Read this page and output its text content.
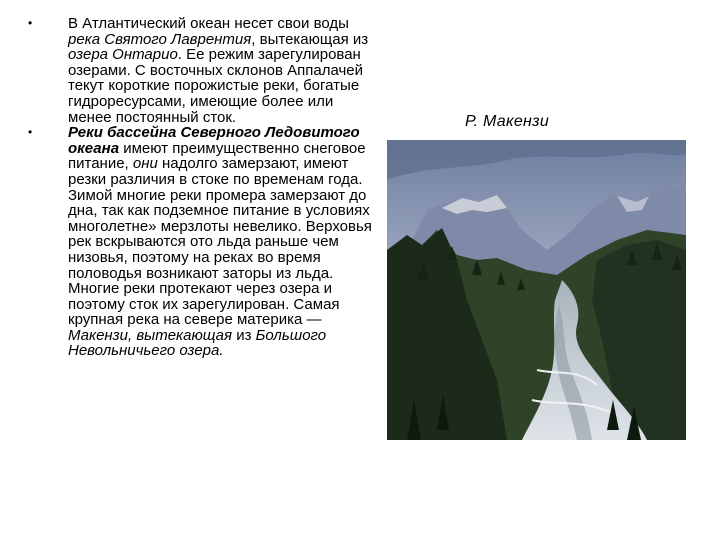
• В Атлантический океан несет свои воды река Святого Лаврентия, вытекающая из озера Онтарио. Ее режим зарегулирован озерами. С восточных склонов Аппалачей текут короткие порожистые реки, богатые гидроресурсами, имеющие более или менее постоянный сток.
• Реки бассейна Северного Ледовитого океана имеют преимущественно снеговое питание, они надолго замерзают, имеют резки различия в стоке по временам года. Зимой многие реки промера замерзают до дна, так как подземное питание в условиях многолетне» мерзлоты невелико. Верховья рек вскрываются ото льда раньше чем низовья, поэтому на реках во время половодья возникают заторы из льда. Многие реки протекают через озера и поэтому сток их зарегулирован. Самая крупная река на севере материка — Макензи, вытекающая из Большого Невольничьего озера.
Р. Макензи
